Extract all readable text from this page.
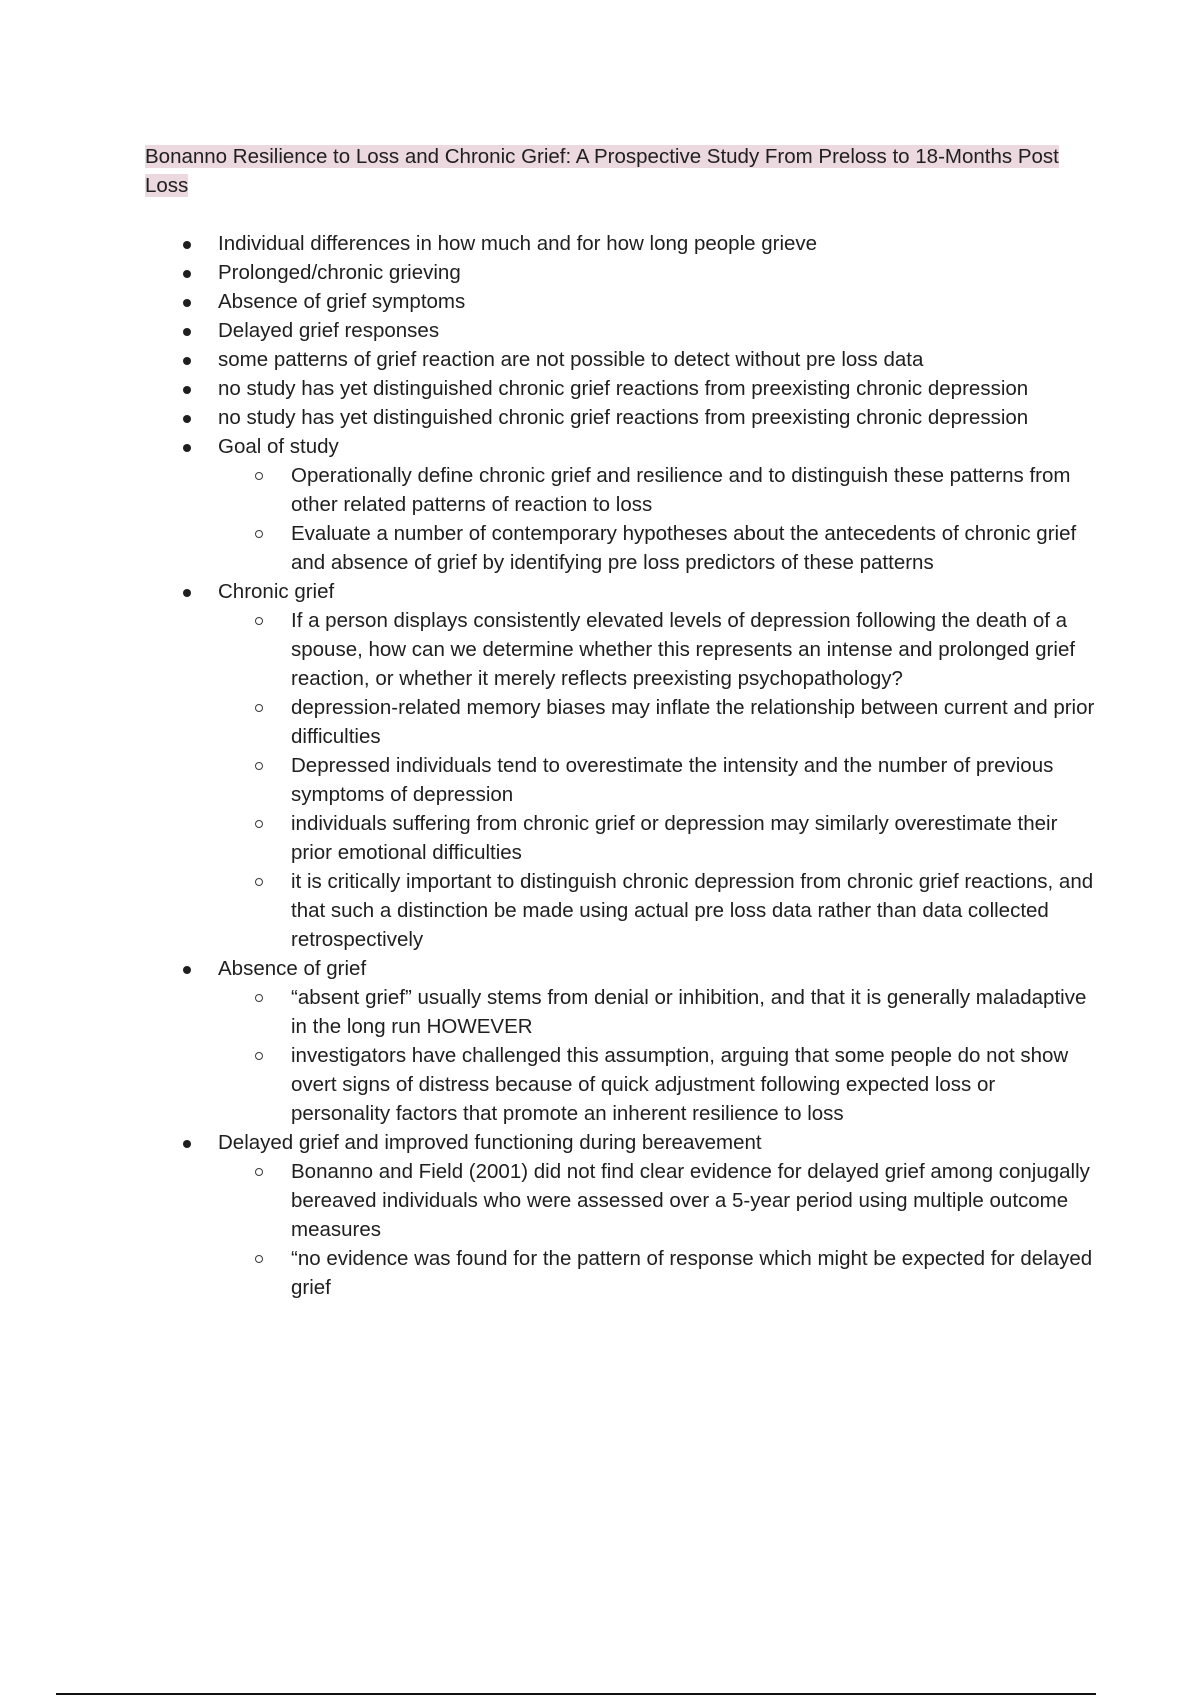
Bonanno Resilience to Loss and Chronic Grief: A Prospective Study From Preloss to 18-Months Post Loss
Individual differences in how much and for how long people grieve
Prolonged/chronic grieving
Absence of grief symptoms
Delayed grief responses
some patterns of grief reaction are not possible to detect without pre loss data
no study has yet distinguished chronic grief reactions from preexisting chronic depression
no study has yet distinguished chronic grief reactions from preexisting chronic depression
Goal of study
Operationally define chronic grief and resilience and to distinguish these patterns from other related patterns of reaction to loss
Evaluate a number of contemporary hypotheses about the antecedents of chronic grief and absence of grief by identifying pre loss predictors of these patterns
Chronic grief
If a person displays consistently elevated levels of depression following the death of a spouse, how can we determine whether this represents an intense and prolonged grief reaction, or whether it merely reflects preexisting psychopathology?
depression-related memory biases may inflate the relationship between current and prior difficulties
Depressed individuals tend to overestimate the intensity and the number of previous symptoms of depression
individuals suffering from chronic grief or depression may similarly overestimate their prior emotional difficulties
it is critically important to distinguish chronic depression from chronic grief reactions, and that such a distinction be made using actual pre loss data rather than data collected retrospectively
Absence of grief
“absent grief” usually stems from denial or inhibition, and that it is generally maladaptive in the long run HOWEVER
investigators have challenged this assumption, arguing that some people do not show overt signs of distress because of quick adjustment following expected loss or personality factors that promote an inherent resilience to loss
Delayed grief and improved functioning during bereavement
Bonanno and Field (2001) did not find clear evidence for delayed grief among conjugally bereaved individuals who were assessed over a 5-year period using multiple outcome measures
“no evidence was found for the pattern of response which might be expected for delayed grief
